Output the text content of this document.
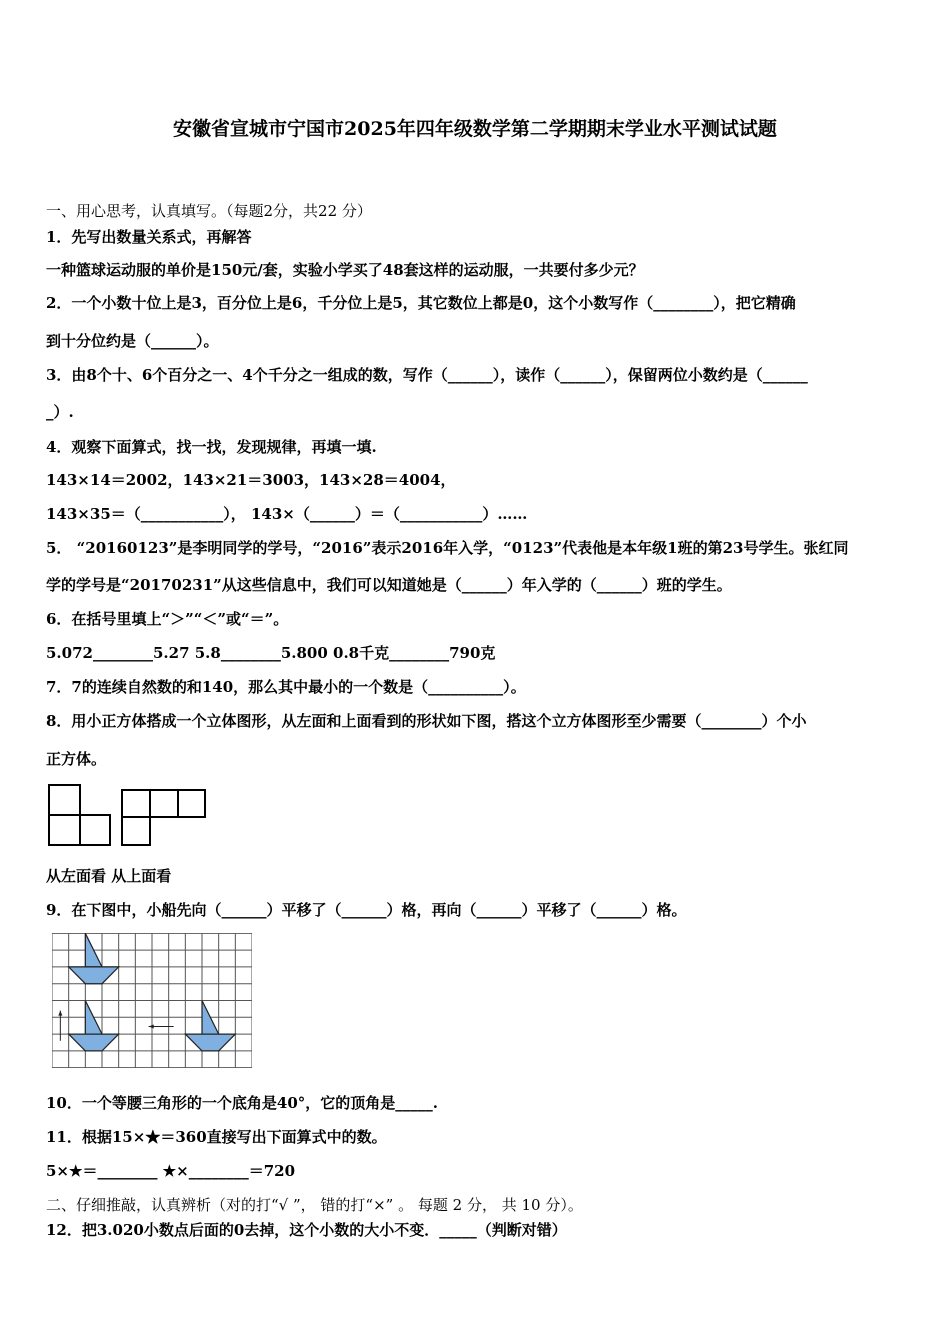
安徽省宣城市宁国市2025年四年级数学第二学期期末学业水平测试试题
一、用心思考，认真填写。（每题2分，共22 分）
1．先写出数量关系式，再解答
一种篮球运动服的单价是150元/套，实验小学买了48套这样的运动服，一共要付多少元？
2．一个小数十位上是3，百分位上是6，千分位上是5，其它数位上都是0，这个小数写作（________），把它精确
到十分位约是（______）。
3．由8个十、6个百分之一、4个千分之一组成的数，写作（______），读作（______），保留两位小数约是（______
_）.
4．观察下面算式，找一找，发现规律，再填一填.
143×14＝2002，143×21＝3003，143×28＝4004，
143×35＝（___________）， 143×（______）＝（___________）……
5． “20160123”是李明同学的学号，“2016”表示2016年入学，“0123”代表他是本年级1班的第23号学生。张红同
学的学号是“20170231”从这些信息中，我们可以知道她是（______）年入学的（______）班的学生。
6．在括号里填上“＞”“＜”或“＝”。
5.072________5.27 5.8________5.800 0.8千克________790克
7．7的连续自然数的和140，那么其中最小的一个数是（__________）。
8．用小正方体搭成一个立体图形，从左面和上面看到的形状如下图，搭这个立方体图形至少需要（________）个小
正方体。
从左面看 从上面看
9．在下图中，小船先向（______）平移了（______）格，再向（______）平移了（______）格。
10．一个等腰三角形的一个底角是40°，它的顶角是_____.
11．根据15×★＝360直接写出下面算式中的数。
5×★＝________ ★×________＝720
二、仔细推敲，认真辨析（对的打“√ ”， 错的打“×” 。 每题 2 分， 共 10 分）。
12．把3.020小数点后面的0去掉，这个小数的大小不变．_____（判断对错）
